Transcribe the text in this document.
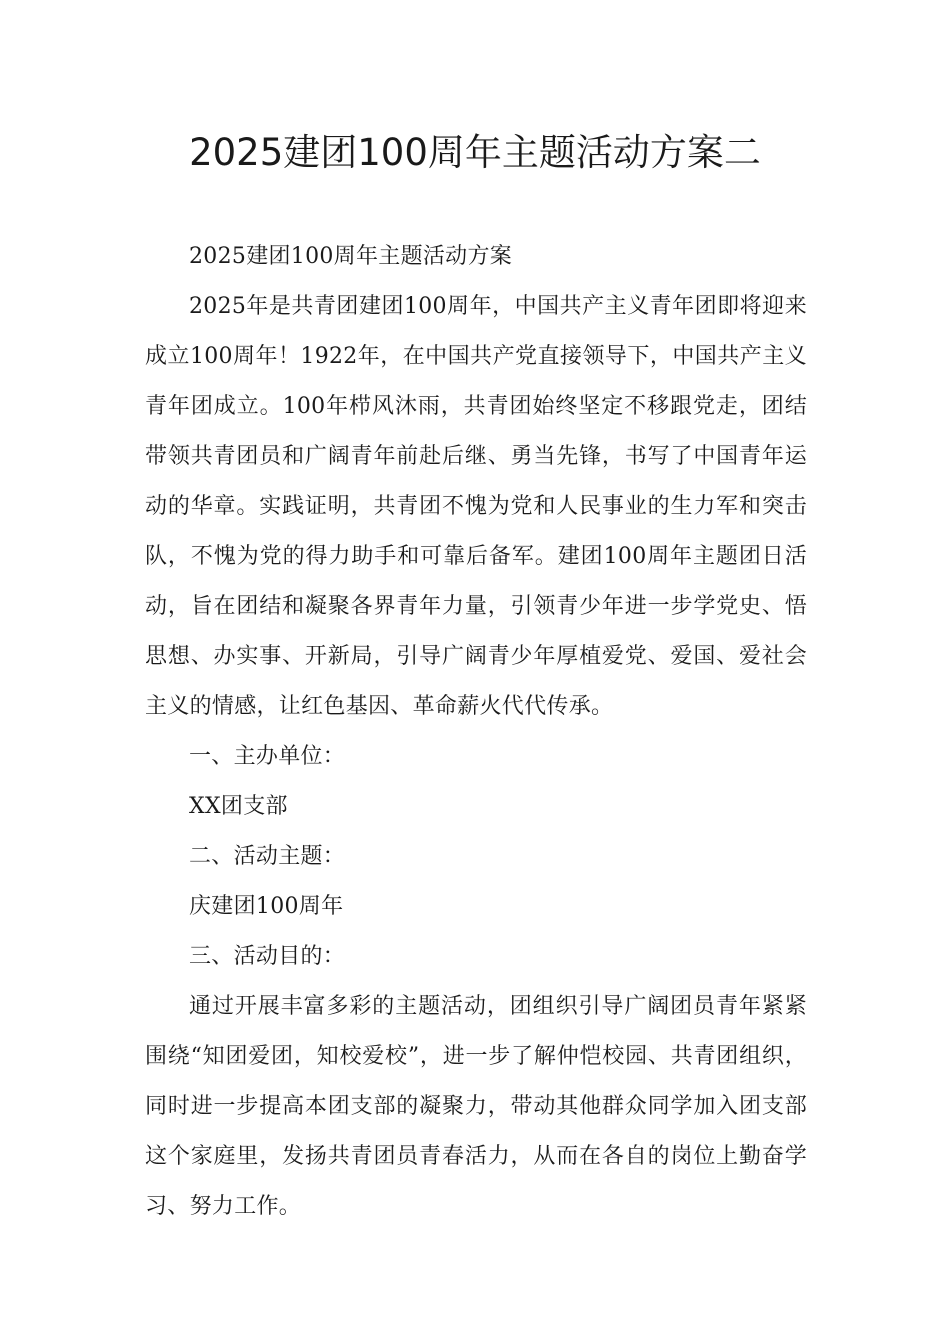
2025建团100周年主题活动方案二

2025建团100周年主题活动方案

2025年是共青团建团100周年，中国共产主义青年团即将迎来成立100周年！1922年，在中国共产党直接领导下，中国共产主义青年团成立。100年栉风沐雨，共青团始终坚定不移跟党走，团结带领共青团员和广阔青年前赴后继、勇当先锋，书写了中国青年运动的华章。实践证明，共青团不愧为党和人民事业的生力军和突击队，不愧为党的得力助手和可靠后备军。建团100周年主题团日活动，旨在团结和凝聚各界青年力量，引领青少年进一步学党史、悟思想、办实事、开新局，引导广阔青少年厚植爱党、爱国、爱社会主义的情感，让红色基因、革命薪火代代传承。

一、主办单位：

XX团支部

二、活动主题：

庆建团100周年

三、活动目的：

通过开展丰富多彩的主题活动，团组织引导广阔团员青年紧紧围绕“知团爱团，知校爱校”，进一步了解仲恺校园、共青团组织，同时进一步提高本团支部的凝聚力，带动其他群众同学加入团支部这个家庭里，发扬共青团员青春活力，从而在各自的岗位上勤奋学习、努力工作。
